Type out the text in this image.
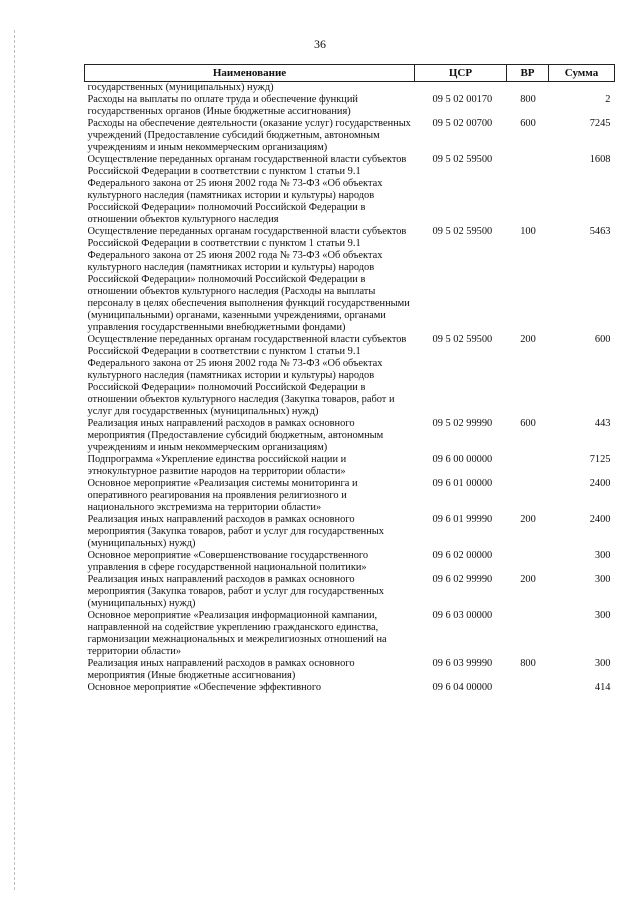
36
Наименование	ЦСР	ВР	Сумма
государственных (муниципальных) нужд)			
Расходы на выплаты по оплате труда и обеспечение функций государственных органов (Иные бюджетные ассигнования)	09 5 02 00170	800	2
Расходы на обеспечение деятельности (оказание услуг) государственных учреждений (Предоставление субсидий бюджетным, автономным учреждениям и иным некоммерческим организациям)	09 5 02 00700	600	7245
Осуществление переданных органам государственной власти субъектов Российской Федерации в соответствии с пунктом 1 статьи 9.1 Федерального закона от 25 июня 2002 года № 73-ФЗ «Об объектах культурного наследия (памятниках истории и культуры) народов Российской Федерации» полномочий Российской Федерации в отношении объектов культурного наследия	09 5 02 59500		1608
Осуществление переданных органам государственной власти субъектов Российской Федерации в соответствии с пунктом 1 статьи 9.1 Федерального закона от 25 июня 2002 года № 73-ФЗ «Об объектах культурного наследия (памятниках истории и культуры) народов Российской Федерации» полномочий Российской Федерации в отношении объектов культурного наследия (Расходы на выплаты персоналу в целях обеспечения выполнения функций государственными (муниципальными) органами, казенными учреждениями, органами управления государственными внебюджетными фондами)	09 5 02 59500	100	5463
Осуществление переданных органам государственной власти субъектов Российской Федерации в соответствии с пунктом 1 статьи 9.1 Федерального закона от 25 июня 2002 года № 73-ФЗ «Об объектах культурного наследия (памятниках истории и культуры) народов Российской Федерации» полномочий Российской Федерации в отношении объектов культурного наследия (Закупка товаров, работ и услуг для государственных (муниципальных) нужд)	09 5 02 59500	200	600
Реализация иных направлений расходов в рамках основного мероприятия (Предоставление субсидий бюджетным, автономным учреждениям и иным некоммерческим организациям)	09 5 02 99990	600	443
Подпрограмма «Укрепление единства российской нации и этнокультурное развитие народов на территории области»	09 6 00 00000		7125
Основное мероприятие «Реализация системы мониторинга и оперативного реагирования на проявления религиозного и национального экстремизма на территории области»	09 6 01 00000		2400
Реализация иных направлений расходов в рамках основного мероприятия (Закупка товаров, работ и услуг для государственных (муниципальных) нужд)	09 6 01 99990	200	2400
Основное мероприятие «Совершенствование государственного управления в сфере государственной национальной политики»	09 6 02 00000		300
Реализация иных направлений расходов в рамках основного мероприятия (Закупка товаров, работ и услуг для государственных (муниципальных) нужд)	09 6 02 99990	200	300
Основное мероприятие «Реализация информационной кампании, направленной на содействие укреплению гражданского единства, гармонизации межнациональных и межрелигиозных отношений на территории области»	09 6 03 00000		300
Реализация иных направлений расходов в рамках основного мероприятия (Иные бюджетные ассигнования)	09 6 03 99990	800	300
Основное мероприятие «Обеспечение эффективного	09 6 04 00000		414
